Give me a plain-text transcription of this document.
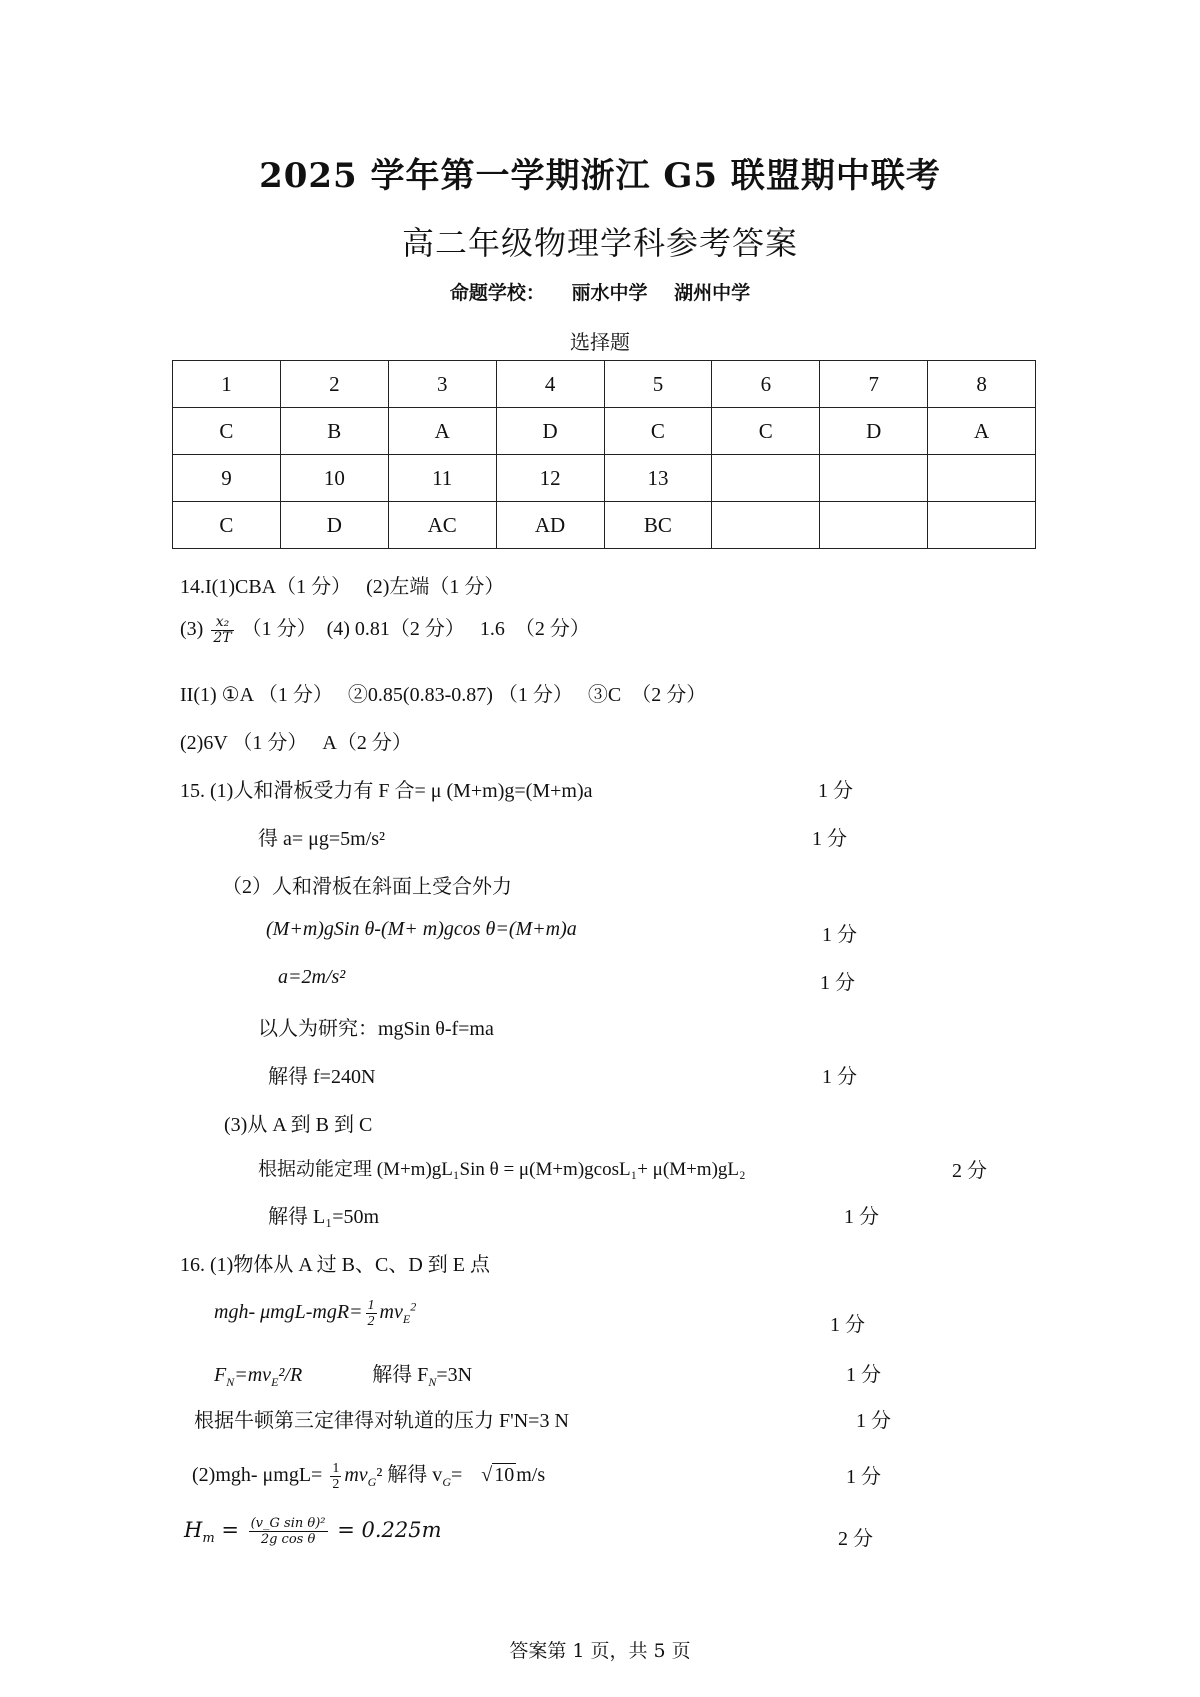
2025 学年第一学期浙江 G5 联盟期中联考
高二年级物理学科参考答案
命题学校： 丽水中学 湖州中学
选择题
1	2	3	4	5	6	7	8
C	B	A	D	C	C	D	A
9	10	11	12	13			
C	D	AC	AD	BC			
14.I(1)CBA（1 分）　 (2)左端（1 分）
$(3) \frac{\text{x₂}}{2T} (1$ 分）　(4) 0.81（2 分）　 1.6　（2 分）
II(1) ①A （1 分）　 ②0.85(0.83-0.87) （1 分）　 ③C　（2 分）
(2)6V （1 分）　 A（2 分）
15. (1)人和滑板受力有 F 合= μ (M+m)g=(M+m)a	1 分
得 a= μg=5m/s²	1 分
（2）人和滑板在斜面上受合外力
(M+m)gSin θ-(M+ m)gcos θ=(M+m)a	1 分
a=2m/s²	1 分
以人为研究：mgSin θ-f=ma
解得 f=240N	1 分
(3)从 A 到 B 到 C
根据动能定理 (M+m)gL₁Sin θ = μ(M+m)gcosL₁+ μ(M+m)gL₂	2 分
解得 L₁=50m	1 分
16. (1)物体从 A 过 B、C、D 到 E 点
mgh- $\mu mgL-mgR= \frac{1}{2} mv_E^2$
1 分
$F_N=mv_E^2/R$	解得 $F_N=3N$	1 分
根据牛顿第三定律得对轨道的压力 F'N=3 N	1 分
(2)mgh- $\mu mgL= \frac{1}{2} mv_G^2$ 解得 $v_G=$ √ 10 m/s	1 分
$H_m = \frac{\text{(v\_G sin θ)²}}{\text{2g cos θ}} = 0.225m$	2 分
答案第 1 页，共 5 页
